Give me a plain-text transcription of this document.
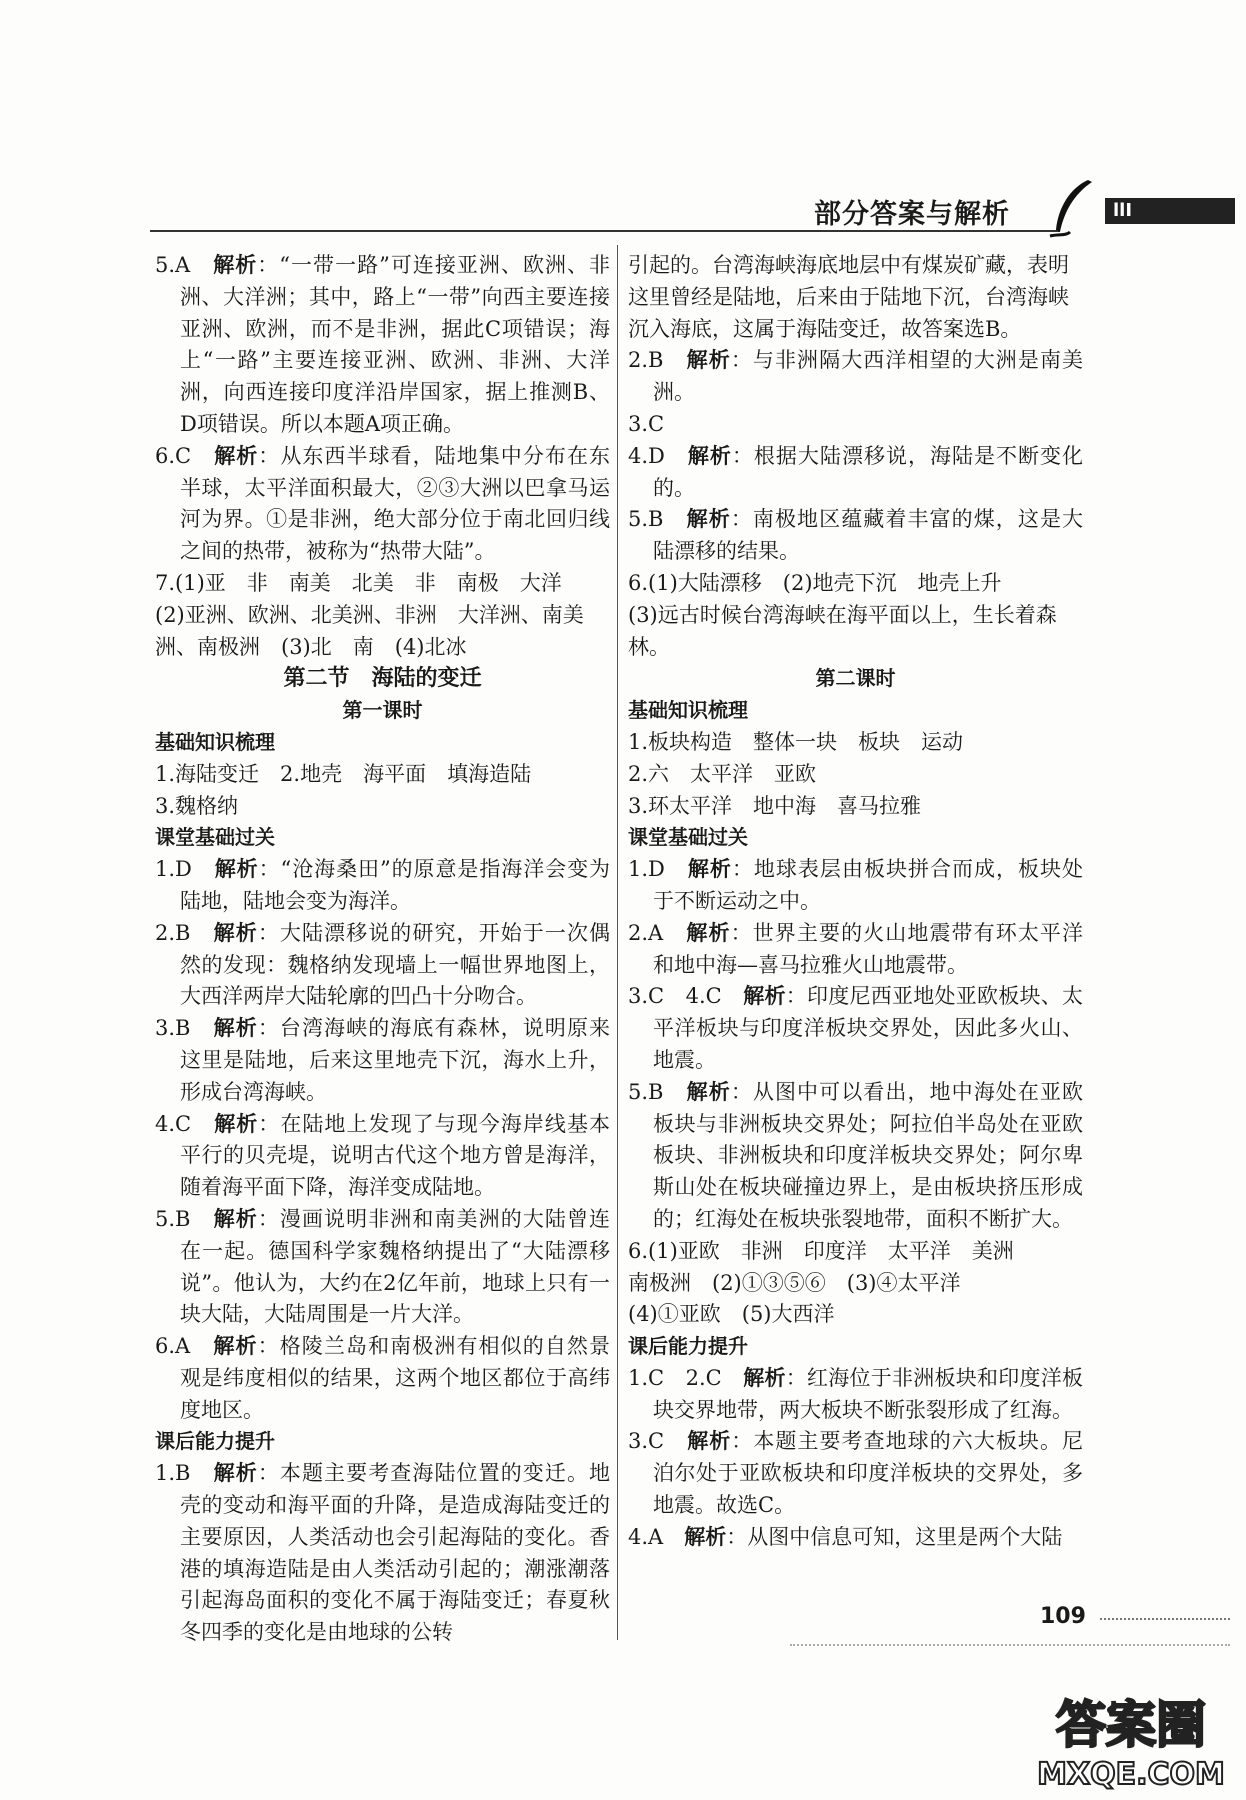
部分答案与解析	llI

5.A　解析：“一带一路”可连接亚洲、欧洲、非洲、大洋洲；其中，路上“一带”向西主要连接亚洲、欧洲，而不是非洲，据此C项错误；海上“一路”主要连接亚洲、欧洲、非洲、大洋洲，向西连接印度洋沿岸国家，据上推测B、D项错误。所以本题A项正确。

6.C　解析：从东西半球看，陆地集中分布在东半球，太平洋面积最大，②③大洲以巴拿马运河为界。①是非洲，绝大部分位于南北回归线之间的热带，被称为“热带大陆”。

7.(1)亚　非　南美　北美　非　南极　大洋

(2)亚洲、欧洲、北美洲、非洲　大洋洲、南美洲、南极洲　(3)北　南　(4)北冰

第二节　海陆的变迁

第一课时

基础知识梳理

1.海陆变迁　2.地壳　海平面　填海造陆

3.魏格纳

课堂基础过关

1.D　解析：“沧海桑田”的原意是指海洋会变为陆地，陆地会变为海洋。

2.B　解析：大陆漂移说的研究，开始于一次偶然的发现：魏格纳发现墙上一幅世界地图上，大西洋两岸大陆轮廓的凹凸十分吻合。

3.B　解析：台湾海峡的海底有森林，说明原来这里是陆地，后来这里地壳下沉，海水上升，形成台湾海峡。

4.C　解析：在陆地上发现了与现今海岸线基本平行的贝壳堤，说明古代这个地方曾是海洋，随着海平面下降，海洋变成陆地。

5.B　解析：漫画说明非洲和南美洲的大陆曾连在一起。德国科学家魏格纳提出了“大陆漂移说”。他认为，大约在2亿年前，地球上只有一块大陆，大陆周围是一片大洋。

6.A　解析：格陵兰岛和南极洲有相似的自然景观是纬度相似的结果，这两个地区都位于高纬度地区。

课后能力提升

1.B　解析：本题主要考查海陆位置的变迁。地壳的变动和海平面的升降，是造成海陆变迁的主要原因，人类活动也会引起海陆的变化。香港的填海造陆是由人类活动引起的；潮涨潮落引起海岛面积的变化不属于海陆变迁；春夏秋冬四季的变化是由地球的公转

引起的。台湾海峡海底地层中有煤炭矿藏，表明这里曾经是陆地，后来由于陆地下沉，台湾海峡沉入海底，这属于海陆变迁，故答案选B。

2.B　解析：与非洲隔大西洋相望的大洲是南美洲。

3.C

4.D　解析：根据大陆漂移说，海陆是不断变化的。

5.B　解析：南极地区蕴藏着丰富的煤，这是大陆漂移的结果。

6.(1)大陆漂移　(2)地壳下沉　地壳上升

(3)远古时候台湾海峡在海平面以上，生长着森林。

第二课时

基础知识梳理

1.板块构造　整体一块　板块　运动

2.六　太平洋　亚欧

3.环太平洋　地中海　喜马拉雅

课堂基础过关

1.D　解析：地球表层由板块拼合而成，板块处于不断运动之中。

2.A　解析：世界主要的火山地震带有环太平洋和地中海—喜马拉雅火山地震带。

3.C　4.C　解析：印度尼西亚地处亚欧板块、太平洋板块与印度洋板块交界处，因此多火山、地震。

5.B　解析：从图中可以看出，地中海处在亚欧板块与非洲板块交界处；阿拉伯半岛处在亚欧板块、非洲板块和印度洋板块交界处；阿尔卑斯山处在板块碰撞边界上，是由板块挤压形成的；红海处在板块张裂地带，面积不断扩大。

6.(1)亚欧　非洲　印度洋　太平洋　美洲

南极洲　(2)①③⑤⑥　(3)④太平洋

(4)①亚欧　(5)大西洋

课后能力提升

1.C　2.C　解析：红海位于非洲板块和印度洋板块交界地带，两大板块不断张裂形成了红海。

3.C　解析：本题主要考查地球的六大板块。尼泊尔处于亚欧板块和印度洋板块的交界处，多地震。故选C。

4.A　解析：从图中信息可知，这里是两个大陆

109
答案圈
MXQE.COM
